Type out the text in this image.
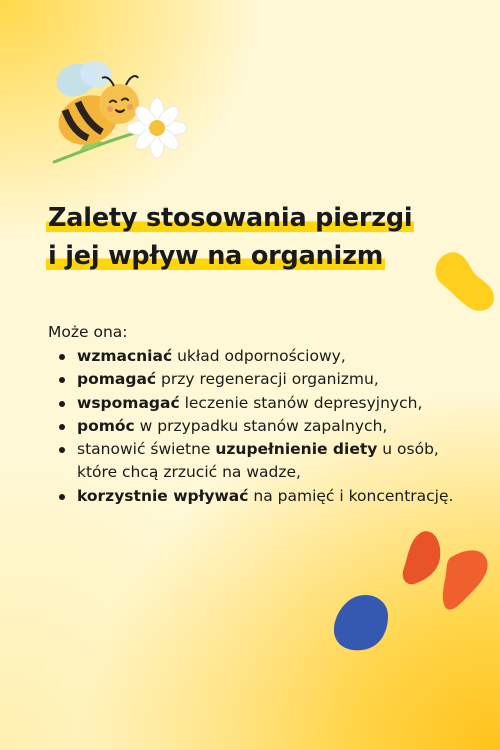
Zalety stosowania pierzgi
i jej wpływ na organizm

Może ona:

wzmacniać układ odpornościowy,
pomagać przy regeneracji organizmu,
wspomagać leczenie stanów depresyjnych,
pomóc w przypadku stanów zapalnych,
stanowić świetne uzupełnienie diety u osób,
które chcą zrzucić na wadze,
korzystnie wpływać na pamięć i koncentrację.
